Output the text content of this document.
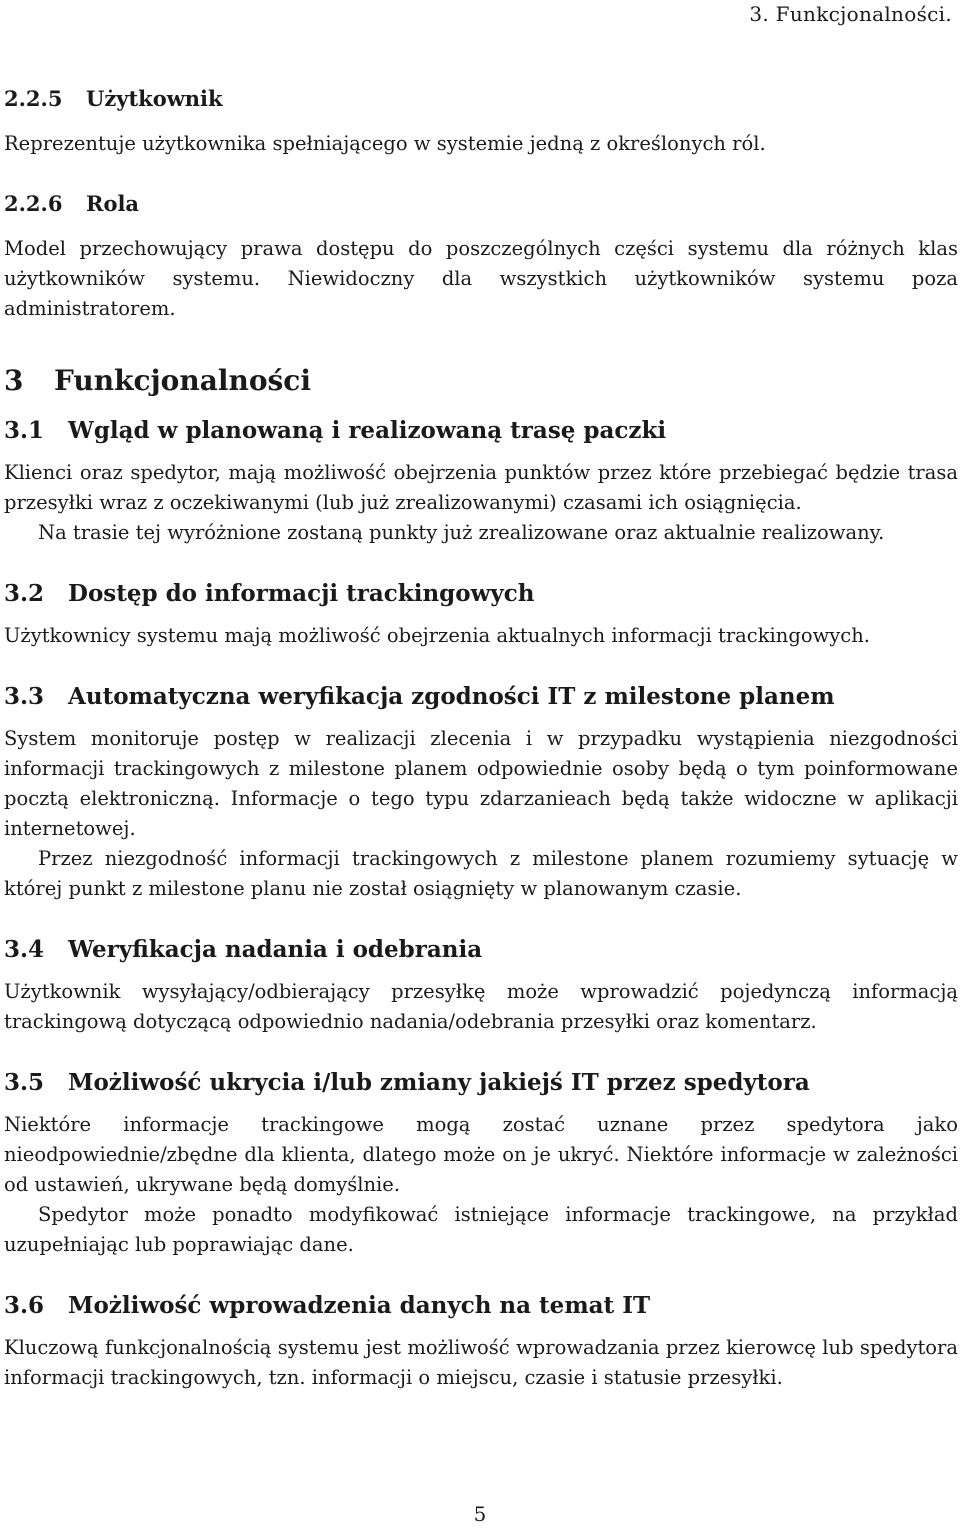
3. Funkcjonalności.
2.2.5 Użytkownik

Reprezentuje użytkownika spełniającego w systemie jedną z określonych ról.

2.2.6 Rola

Model przechowujący prawa dostępu do poszczególnych części systemu dla różnych klas użytkowników systemu. Niewidoczny dla wszystkich użytkowników systemu poza administratorem.

3 Funkcjonalności
3.1 Wgląd w planowaną i realizowaną trasę paczki

Klienci oraz spedytor, mają możliwość obejrzenia punktów przez które przebiegać będzie trasa przesyłki wraz z oczekiwanymi (lub już zrealizowanymi) czasami ich osiągnięcia.

Na trasie tej wyróżnione zostaną punkty już zrealizowane oraz aktualnie realizowany.

3.2 Dostęp do informacji trackingowych

Użytkownicy systemu mają możliwość obejrzenia aktualnych informacji trackingowych.

3.3 Automatyczna weryfikacja zgodności IT z milestone planem

System monitoruje postęp w realizacji zlecenia i w przypadku wystąpienia niezgodności informacji trackingowych z milestone planem odpowiednie osoby będą o tym poinformowane pocztą elektroniczną. Informacje o tego typu zdarzanieach będą także widoczne w aplikacji internetowej.

Przez niezgodność informacji trackingowych z milestone planem rozumiemy sytuację w której punkt z milestone planu nie został osiągnięty w planowanym czasie.

3.4 Weryfikacja nadania i odebrania

Użytkownik wysyłający/odbierający przesyłkę może wprowadzić pojedynczą informacją trackingową dotyczącą odpowiednio nadania/odebrania przesyłki oraz komentarz.

3.5 Możliwość ukrycia i/lub zmiany jakiejś IT przez spedytora

Niektóre informacje trackingowe mogą zostać uznane przez spedytora jako nieodpowiednie/zbędne dla klienta, dlatego może on je ukryć. Niektóre informacje w zależności od ustawień, ukrywane będą domyślnie.

Spedytor może ponadto modyfikować istniejące informacje trackingowe, na przykład uzupełniając lub poprawiając dane.

3.6 Możliwość wprowadzenia danych na temat IT

Kluczową funkcjonalnością systemu jest możliwość wprowadzania przez kierowcę lub spedytora informacji trackingowych, tzn. informacji o miejscu, czasie i statusie przesyłki.

5
